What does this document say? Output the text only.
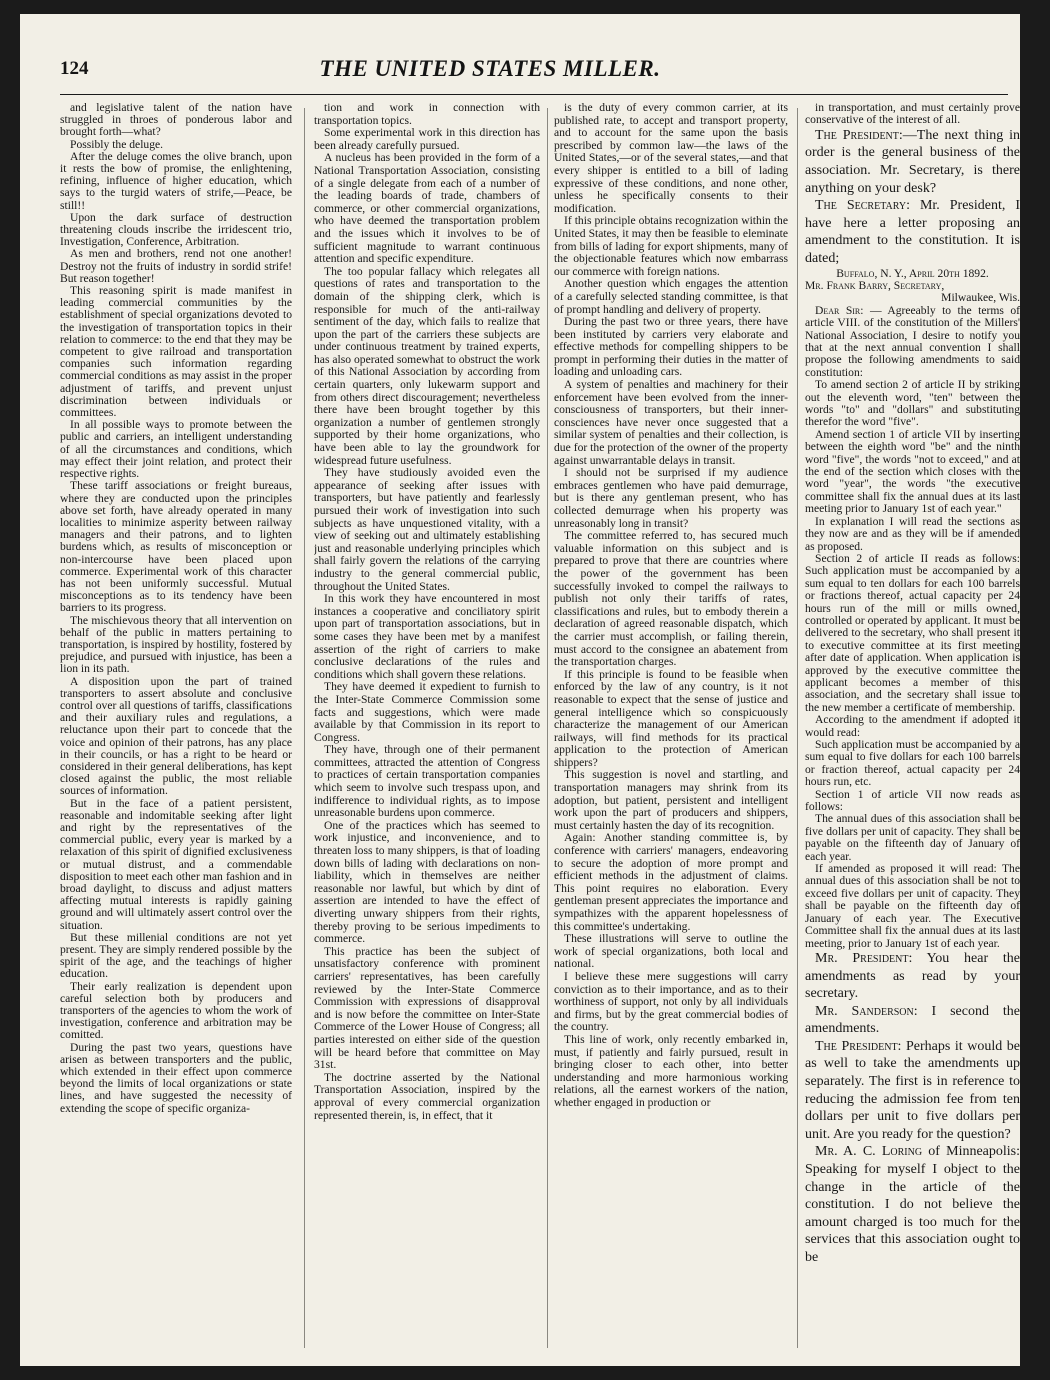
124	THE UNITED STATES MILLER.

and legislative talent of the nation have struggled in throes of ponderous labor and brought forth—what?

Possibly the deluge.

After the deluge comes the olive branch, upon it rests the bow of promise, the enlightening, refining, influence of higher education, which says to the turgid waters of strife,—Peace, be still!!

Upon the dark surface of destruction threatening clouds inscribe the irridescent trio, Investigation, Conference, Arbitration.

As men and brothers, rend not one another! Destroy not the fruits of industry in sordid strife! But reason together!

This reasoning spirit is made manifest in leading commercial communities by the establishment of special organizations devoted to the investigation of transportation topics in their relation to commerce: to the end that they may be competent to give railroad and transportation companies such information regarding commercial conditions as may assist in the proper adjustment of tariffs, and prevent unjust discrimination between individuals or committees.

In all possible ways to promote between the public and carriers, an intelligent understanding of all the circumstances and conditions, which may effect their joint relation, and protect their respective rights.

These tariff associations or freight bureaus, where they are conducted upon the principles above set forth, have already operated in many localities to minimize asperity between railway managers and their patrons, and to lighten burdens which, as results of misconception or non-intercourse have been placed upon commerce. Experimental work of this character has not been uniformly successful. Mutual misconceptions as to its tendency have been barriers to its progress.

The mischievous theory that all intervention on behalf of the public in matters pertaining to transportation, is inspired by hostility, fostered by prejudice, and pursued with injustice, has been a lion in its path.

A disposition upon the part of trained transporters to assert absolute and conclusive control over all questions of tariffs, classifications and their auxiliary rules and regulations, a reluctance upon their part to concede that the voice and opinion of their patrons, has any place in their councils, or has a right to be heard or considered in their general deliberations, has kept closed against the public, the most reliable sources of information.

But in the face of a patient persistent, reasonable and indomitable seeking after light and right by the representatives of the commercial public, every year is marked by a relaxation of this spirit of dignified exclusiveness or mutual distrust, and a commendable disposition to meet each other man fashion and in broad daylight, to discuss and adjust matters affecting mutual interests is rapidly gaining ground and will ultimately assert control over the situation.

But these millenial conditions are not yet present. They are simply rendered possible by the spirit of the age, and the teachings of higher education.

Their early realization is dependent upon careful selection both by producers and transporters of the agencies to whom the work of investigation, conference and arbitration may be comitted.

During the past two years, questions have arisen as between transporters and the public, which extended in their effect upon commerce beyond the limits of local organizations or state lines, and have suggested the necessity of extending the scope of specific organiza-

tion and work in connection with transportation topics.

Some experimental work in this direction has been already carefully pursued.

A nucleus has been provided in the form of a National Transportation Association, consisting of a single delegate from each of a number of the leading boards of trade, chambers of commerce, or other commercial organizations, who have deemed the transportation problem and the issues which it involves to be of sufficient magnitude to warrant continuous attention and specific expenditure.

The too popular fallacy which relegates all questions of rates and transportation to the domain of the shipping clerk, which is responsible for much of the anti-railway sentiment of the day, which fails to realize that upon the part of the carriers these subjects are under continuous treatment by trained experts, has also operated somewhat to obstruct the work of this National Association by according from certain quarters, only lukewarm support and from others direct discouragement; nevertheless there have been brought together by this organization a number of gentlemen strongly supported by their home organizations, who have been able to lay the groundwork for widespread future usefulness.

They have studiously avoided even the appearance of seeking after issues with transporters, but have patiently and fearlessly pursued their work of investigation into such subjects as have unquestioned vitality, with a view of seeking out and ultimately establishing just and reasonable underlying principles which shall fairly govern the relations of the carrying industry to the general commercial public, throughout the United States.

In this work they have encountered in most instances a cooperative and conciliatory spirit upon part of transportation associations, but in some cases they have been met by a manifest assertion of the right of carriers to make conclusive declarations of the rules and conditions which shall govern these relations.

They have deemed it expedient to furnish to the Inter-State Commerce Commission some facts and suggestions, which were made available by that Commission in its report to Congress.

They have, through one of their permanent committees, attracted the attention of Congress to practices of certain transportation companies which seem to involve such trespass upon, and indifference to individual rights, as to impose unreasonable burdens upon commerce.

One of the practices which has seemed to work injustice, and inconvenience, and to threaten loss to many shippers, is that of loading down bills of lading with declarations on non-liability, which in themselves are neither reasonable nor lawful, but which by dint of assertion are intended to have the effect of diverting unwary shippers from their rights, thereby proving to be serious impediments to commerce.

This practice has been the subject of unsatisfactory conference with prominent carriers' representatives, has been carefully reviewed by the Inter-State Commerce Commission with expressions of disapproval and is now before the committee on Inter-State Commerce of the Lower House of Congress; all parties interested on either side of the question will be heard before that committee on May 31st.

The doctrine asserted by the National Transportation Association, inspired by the approval of every commercial organization represented therein, is, in effect, that it

is the duty of every common carrier, at its published rate, to accept and transport property, and to account for the same upon the basis prescribed by common law—the laws of the United States,—or of the several states,—and that every shipper is entitled to a bill of lading expressive of these conditions, and none other, unless he specifically consents to their modification.

If this principle obtains recognization within the United States, it may then be feasible to eleminate from bills of lading for export shipments, many of the objectionable features which now embarrass our commerce with foreign nations.

Another question which engages the attention of a carefully selected standing committee, is that of prompt handling and delivery of property.

During the past two or three years, there have been instituted by carriers very elaborate and effective methods for compelling shippers to be prompt in performing their duties in the matter of loading and unloading cars.

A system of penalties and machinery for their enforcement have been evolved from the inner-consciousness of transporters, but their inner-consciences have never once suggested that a similar system of penalties and their collection, is due for the protection of the owner of the property against unwarrantable delays in transit.

I should not be surprised if my audience embraces gentlemen who have paid demurrage, but is there any gentleman present, who has collected demurrage when his property was unreasonably long in transit?

The committee referred to, has secured much valuable information on this subject and is prepared to prove that there are countries where the power of the government has been successfully invoked to compel the railways to publish not only their tariffs of rates, classifications and rules, but to embody therein a declaration of agreed reasonable dispatch, which the carrier must accomplish, or failing therein, must accord to the consignee an abatement from the transportation charges.

If this principle is found to be feasible when enforced by the law of any country, is it not reasonable to expect that the sense of justice and general intelligence which so conspicuously characterize the management of our American railways, will find methods for its practical application to the protection of American shippers?

This suggestion is novel and startling, and transportation managers may shrink from its adoption, but patient, persistent and intelligent work upon the part of producers and shippers, must certainly hasten the day of its recognition.

Again: Another standing committee is, by conference with carriers' managers, endeavoring to secure the adoption of more prompt and efficient methods in the adjustment of claims. This point requires no elaboration. Every gentleman present appreciates the importance and sympathizes with the apparent hopelessness of this committee's undertaking.

These illustrations will serve to outline the work of special organizations, both local and national.

I believe these mere suggestions will carry conviction as to their importance, and as to their worthiness of support, not only by all individuals and firms, but by the great commercial bodies of the country.

This line of work, only recently embarked in, must, if patiently and fairly pursued, result in bringing closer to each other, into better understanding and more harmonious working relations, all the earnest workers of the nation, whether engaged in production or

in transportation, and must certainly prove conservative of the interest of all.

The President:—The next thing in order is the general business of the association. Mr. Secretary, is there anything on your desk?

The Secretary: Mr. President, I have here a letter proposing an amendment to the constitution. It is dated;

Buffalo, N. Y., April 20th 1892.

Mr. Frank Barry, Secretary,

Milwaukee, Wis.

Dear Sir: — Agreeably to the terms of article VIII. of the constitution of the Millers' National Association, I desire to notify you that at the next annual convention I shall propose the following amendments to said constitution:

To amend section 2 of article II by striking out the eleventh word, "ten" between the words "to" and "dollars" and substituting therefor the word "five".

Amend section 1 of article VII by inserting between the eighth word "be" and the ninth word "five", the words "not to exceed," and at the end of the section which closes with the word "year", the words "the executive committee shall fix the annual dues at its last meeting prior to January 1st of each year."

In explanation I will read the sections as they now are and as they will be if amended as proposed.

Section 2 of article II reads as follows: Such application must be accompanied by a sum equal to ten dollars for each 100 barrels or fractions thereof, actual capacity per 24 hours run of the mill or mills owned, controlled or operated by applicant. It must be delivered to the secretary, who shall present it to executive committee at its first meeting after date of application. When application is approved by the executive committee the applicant becomes a member of this association, and the secretary shall issue to the new member a certificate of membership.

According to the amendment if adopted it would read:

Such application must be accompanied by a sum equal to five dollars for each 100 barrels or fraction thereof, actual capacity per 24 hours run, etc.

Section 1 of article VII now reads as follows:

The annual dues of this association shall be five dollars per unit of capacity. They shall be payable on the fifteenth day of January of each year.

If amended as proposed it will read: The annual dues of this association shall be not to exceed five dollars per unit of capacity. They shall be payable on the fifteenth day of January of each year. The Executive Committee shall fix the annual dues at its last meeting, prior to January 1st of each year.

Mr. President: You hear the amendments as read by your secretary.

Mr. Sanderson: I second the amendments.

The President: Perhaps it would be as well to take the amendments up separately. The first is in reference to reducing the admission fee from ten dollars per unit to five dollars per unit. Are you ready for the question?

Mr. A. C. Loring of Minneapolis: Speaking for myself I object to the change in the article of the constitution. I do not believe the amount charged is too much for the services that this association ought to be
